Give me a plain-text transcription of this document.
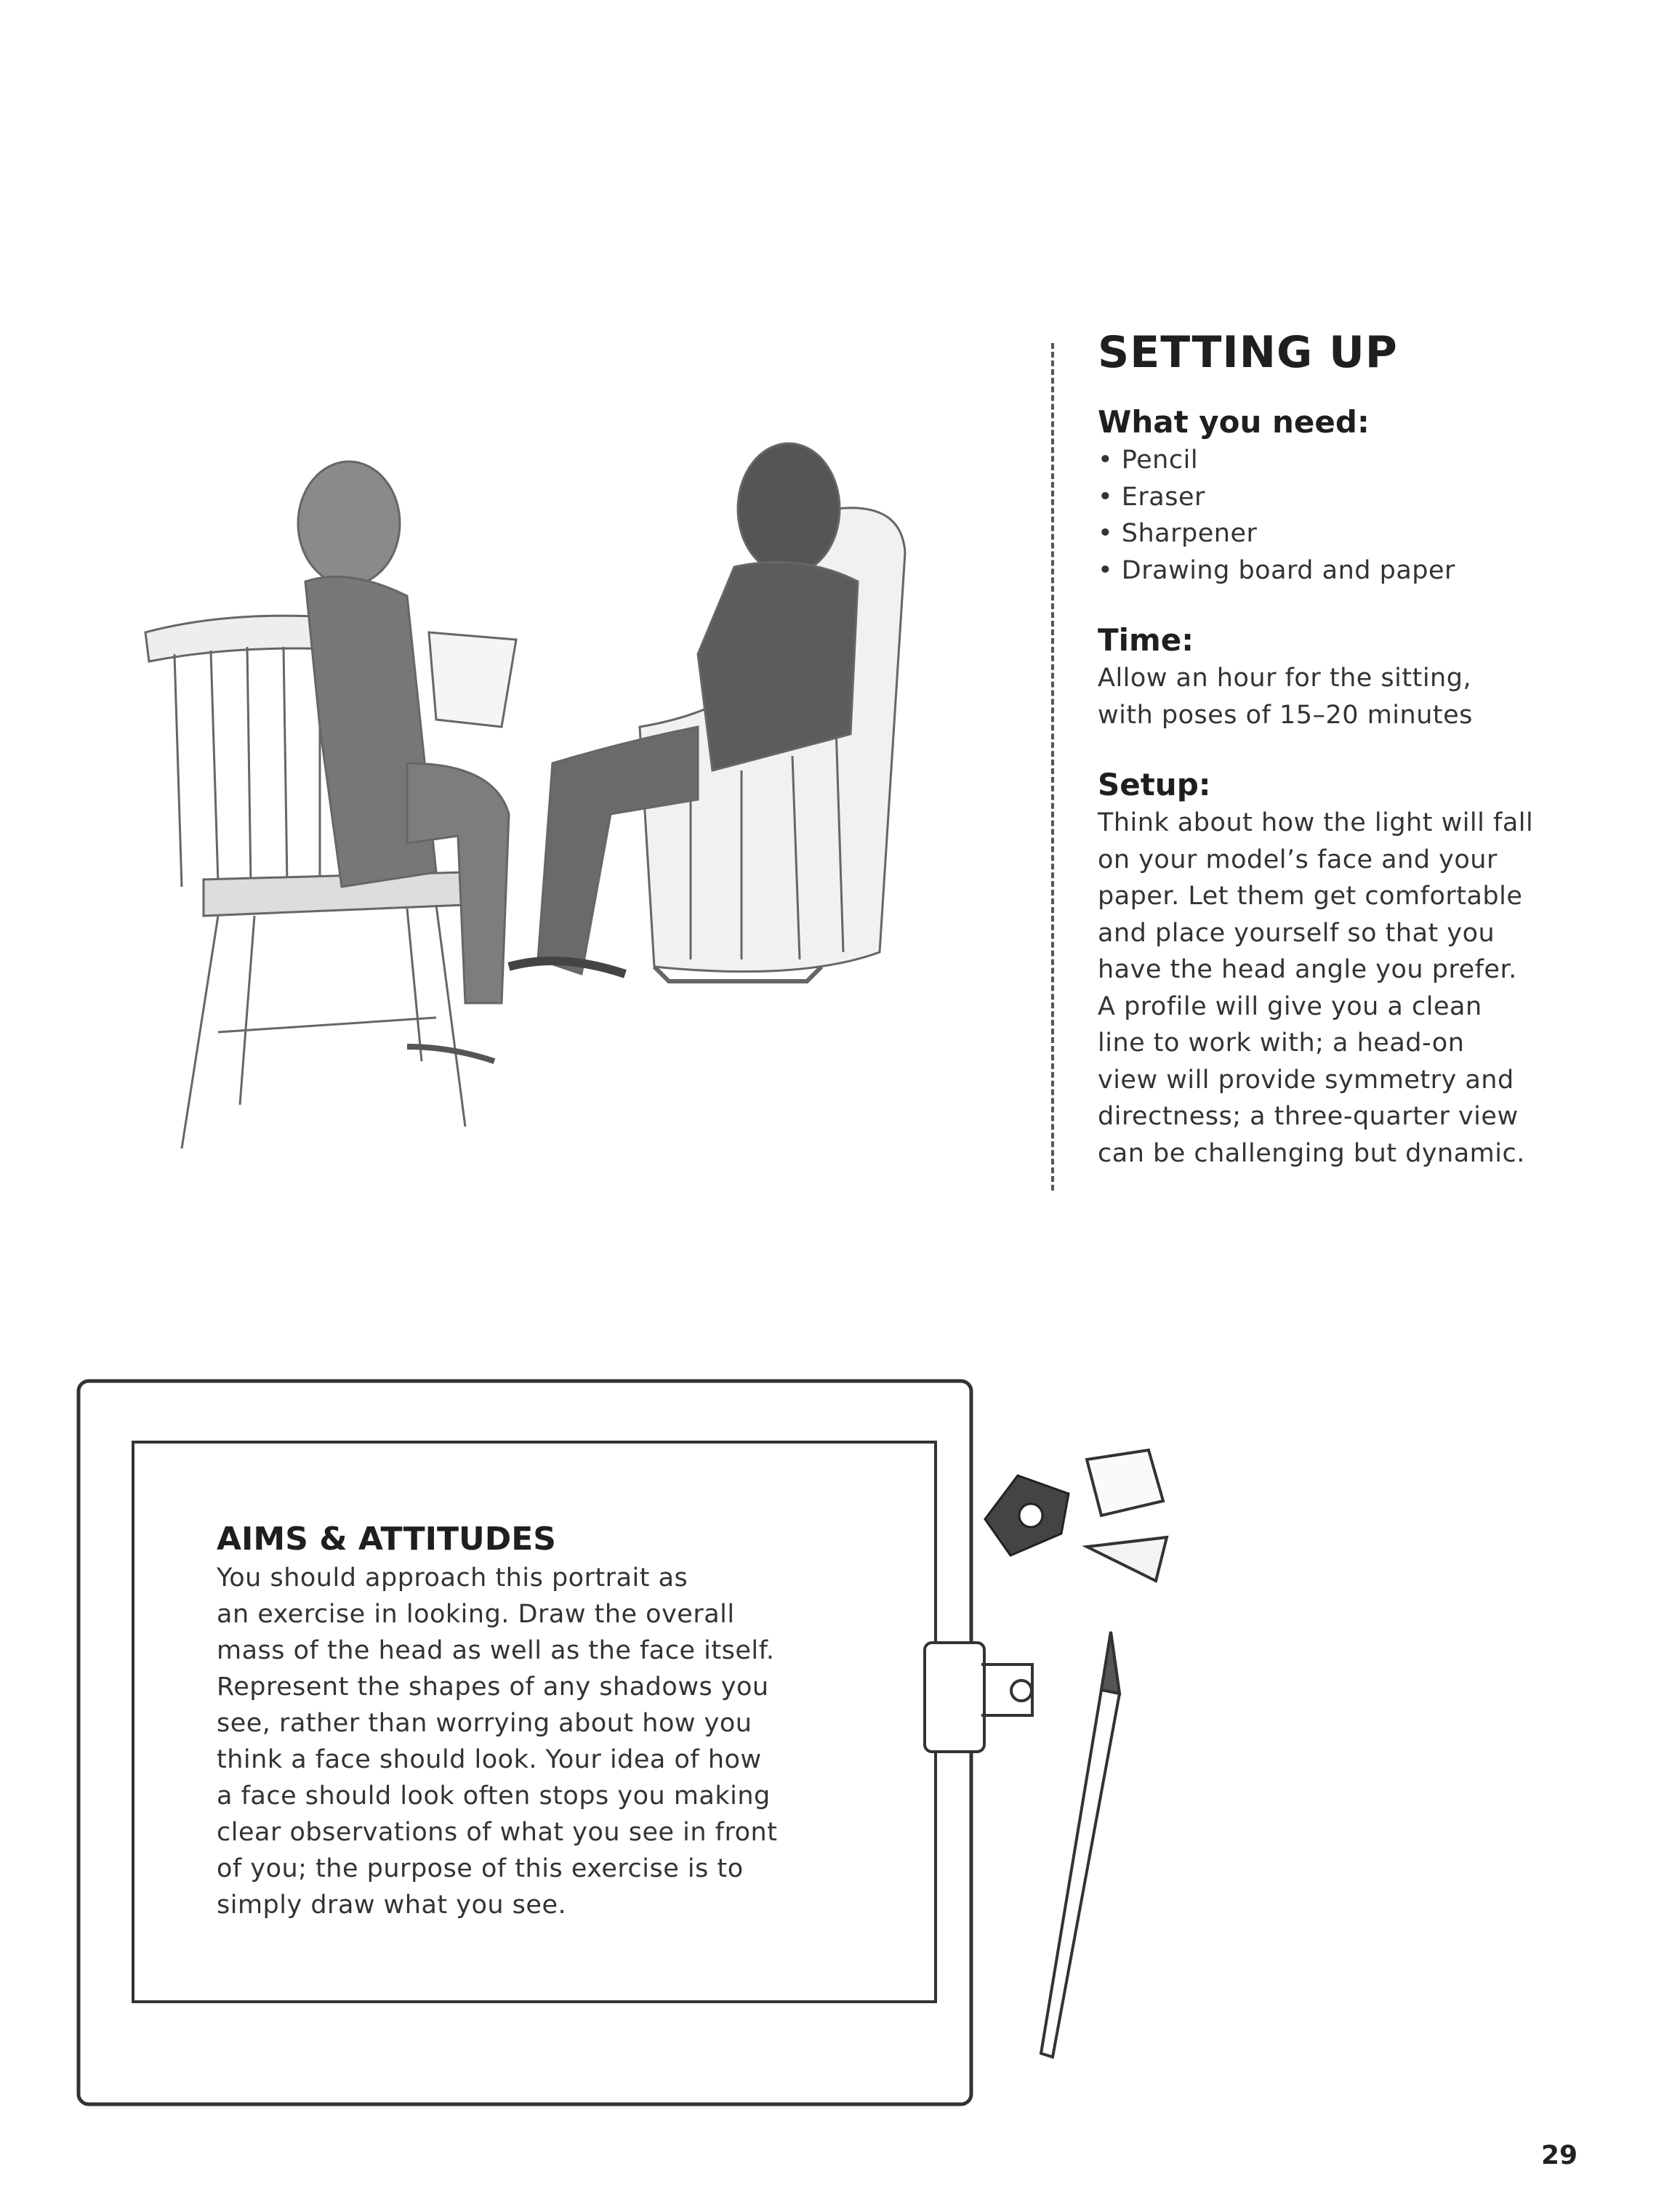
SETTING UP
What you need:
• Pencil
• Eraser
• Sharpener
• Drawing board and paper
Time:
Allow an hour for the sitting,
with poses of 15–20 minutes
Setup:
Think about how the light will fall
on your model’s face and your
paper. Let them get comfortable
and place yourself so that you
have the head angle you prefer.
A profile will give you a clean
line to work with; a head-on
view will provide symmetry and
directness; a three-quarter view
can be challenging but dynamic.
AIMS & ATTITUDES
You should approach this portrait as
an exercise in looking. Draw the overall
mass of the head as well as the face itself.
Represent the shapes of any shadows you
see, rather than worrying about how you
think a face should look. Your idea of how
a face should look often stops you making
clear observations of what you see in front
of you; the purpose of this exercise is to
simply draw what you see.
29
